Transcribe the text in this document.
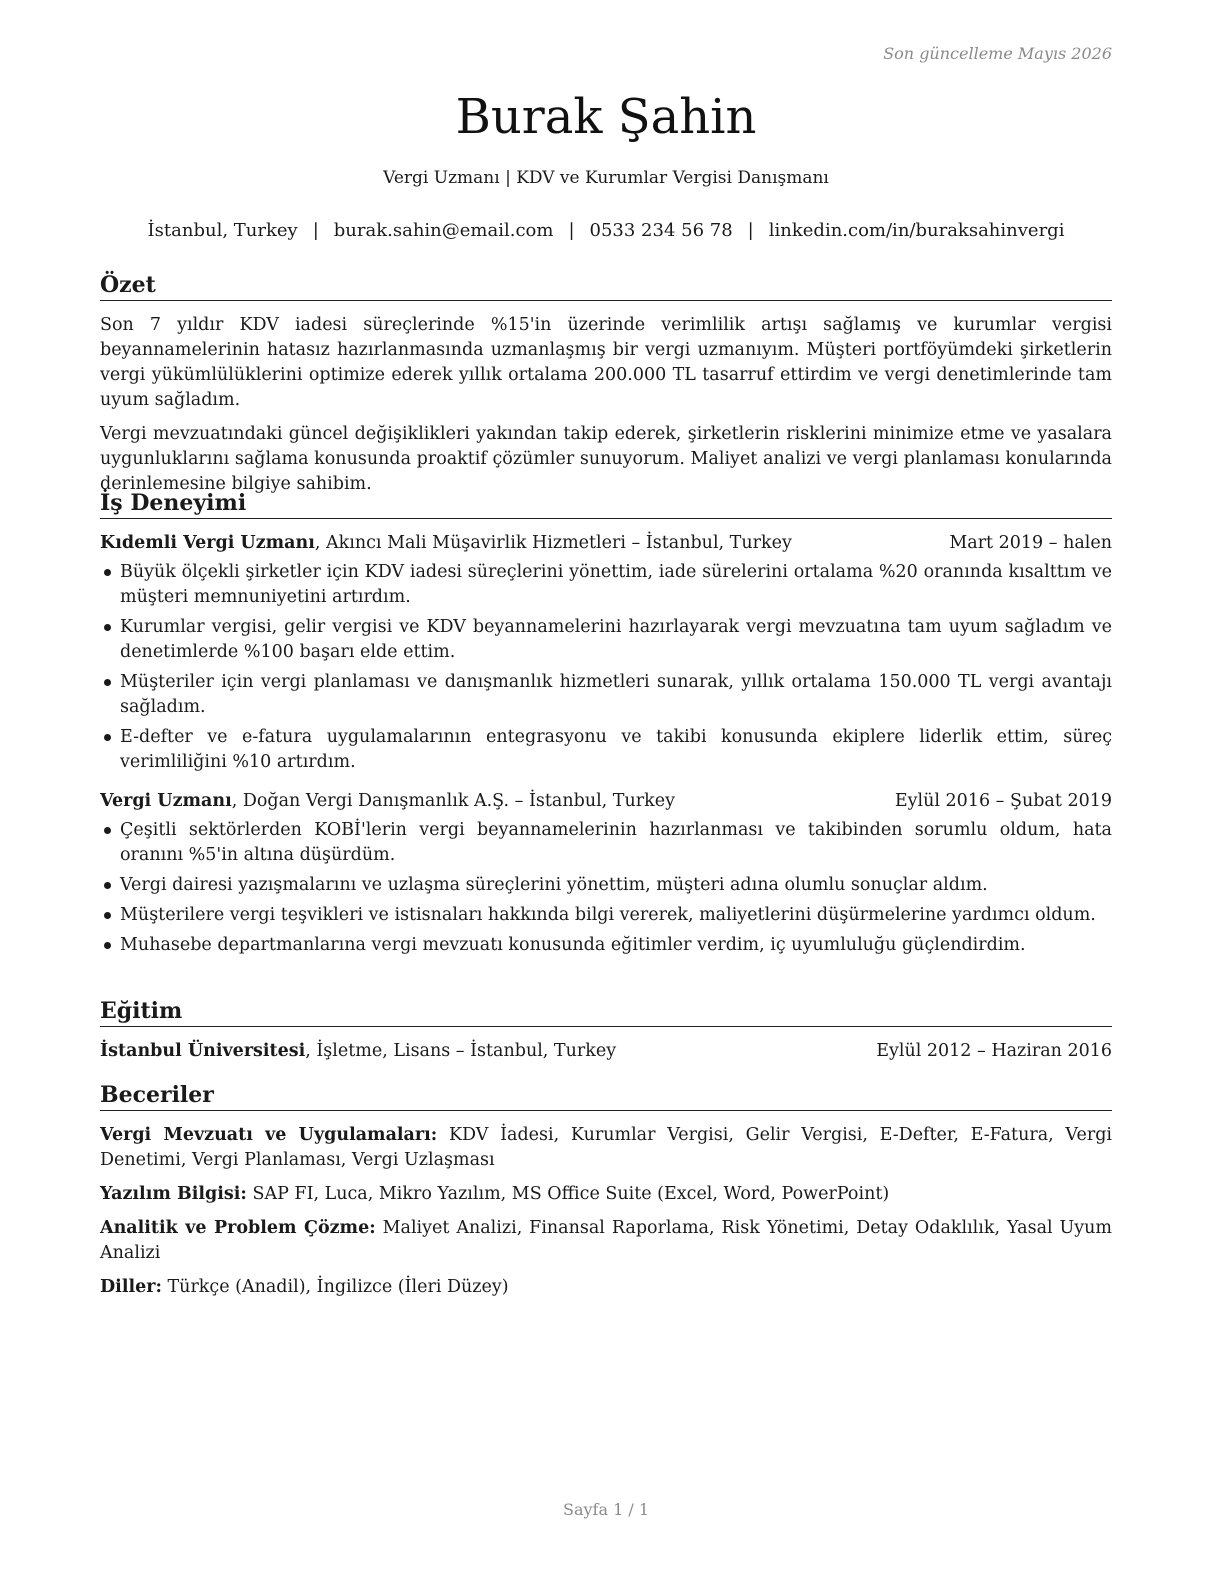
Son güncelleme Mayıs 2026
Burak Şahin
Vergi Uzmanı | KDV ve Kurumlar Vergisi Danışmanı
İstanbul, Turkey | burak.sahin@email.com | 0533 234 56 78 | linkedin.com/in/buraksahinvergi
Özet

Son 7 yıldır KDV iadesi süreçlerinde %15'in üzerinde verimlilik artışı sağlamış ve kurumlar vergisi beyannamelerinin hatasız hazırlanmasında uzmanlaşmış bir vergi uzmanıyım. Müşteri portföyümdeki şirketlerin vergi yükümlülüklerini optimize ederek yıllık ortalama 200.000 TL tasarruf ettirdim ve vergi denetimlerinde tam uyum sağladım.

Vergi mevzuatındaki güncel değişiklikleri yakından takip ederek, şirketlerin risklerini minimize etme ve yasalara uygunluklarını sağlama konusunda proaktif çözümler sunuyorum. Maliyet analizi ve vergi planlaması konularında derinlemesine bilgiye sahibim.

İş Deneyimi
Kıdemli Vergi Uzmanı, Akıncı Mali Müşavirlik Hizmetleri – İstanbul, Turkey	Mart 2019 – halen
Büyük ölçekli şirketler için KDV iadesi süreçlerini yönettim, iade sürelerini ortalama %20 oranında kısalttım ve müşteri memnuniyetini artırdım.
Kurumlar vergisi, gelir vergisi ve KDV beyannamelerini hazırlayarak vergi mevzuatına tam uyum sağladım ve denetimlerde %100 başarı elde ettim.
Müşteriler için vergi planlaması ve danışmanlık hizmetleri sunarak, yıllık ortalama 150.000 TL vergi avantajı sağladım.
E-defter ve e-fatura uygulamalarının entegrasyonu ve takibi konusunda ekiplere liderlik ettim, süreç verimliliğini %10 artırdım.
Vergi Uzmanı, Doğan Vergi Danışmanlık A.Ş. – İstanbul, Turkey	Eylül 2016 – Şubat 2019
Çeşitli sektörlerden KOBİ'lerin vergi beyannamelerinin hazırlanması ve takibinden sorumlu oldum, hata oranını %5'in altına düşürdüm.
Vergi dairesi yazışmalarını ve uzlaşma süreçlerini yönettim, müşteri adına olumlu sonuçlar aldım.
Müşterilere vergi teşvikleri ve istisnaları hakkında bilgi vererek, maliyetlerini düşürmelerine yardımcı oldum.
Muhasebe departmanlarına vergi mevzuatı konusunda eğitimler verdim, iç uyumluluğu güçlendirdim.
Eğitim
İstanbul Üniversitesi, İşletme, Lisans – İstanbul, Turkey	Eylül 2012 – Haziran 2016
Beceriler
Vergi Mevzuatı ve Uygulamaları: KDV İadesi, Kurumlar Vergisi, Gelir Vergisi, E-Defter, E-Fatura, Vergi Denetimi, Vergi Planlaması, Vergi Uzlaşması
Yazılım Bilgisi: SAP FI, Luca, Mikro Yazılım, MS Office Suite (Excel, Word, PowerPoint)
Analitik ve Problem Çözme: Maliyet Analizi, Finansal Raporlama, Risk Yönetimi, Detay Odaklılık, Yasal Uyum Analizi
Diller: Türkçe (Anadil), İngilizce (İleri Düzey)
Sayfa 1 / 1
